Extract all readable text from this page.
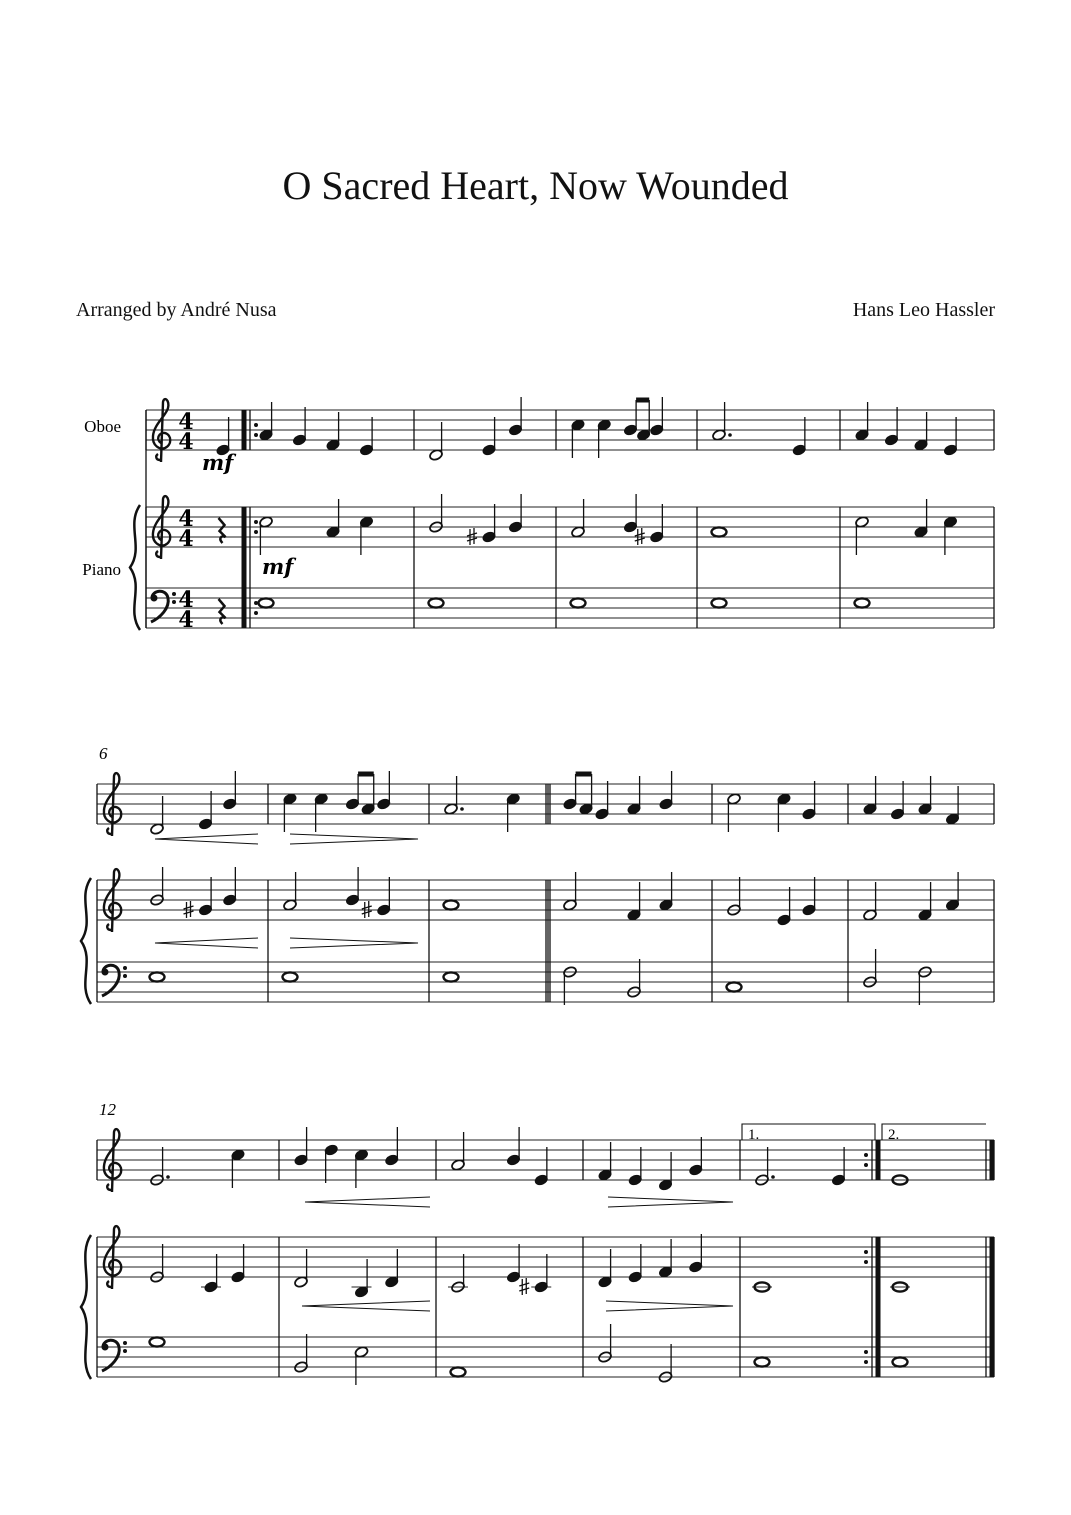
O Sacred Heart, Now Wounded
Arranged by André Nusa	Hans Leo Hassler
4
4
4
4
4
4
Oboe
Piano
6
12
1.	2.
mf
mf
